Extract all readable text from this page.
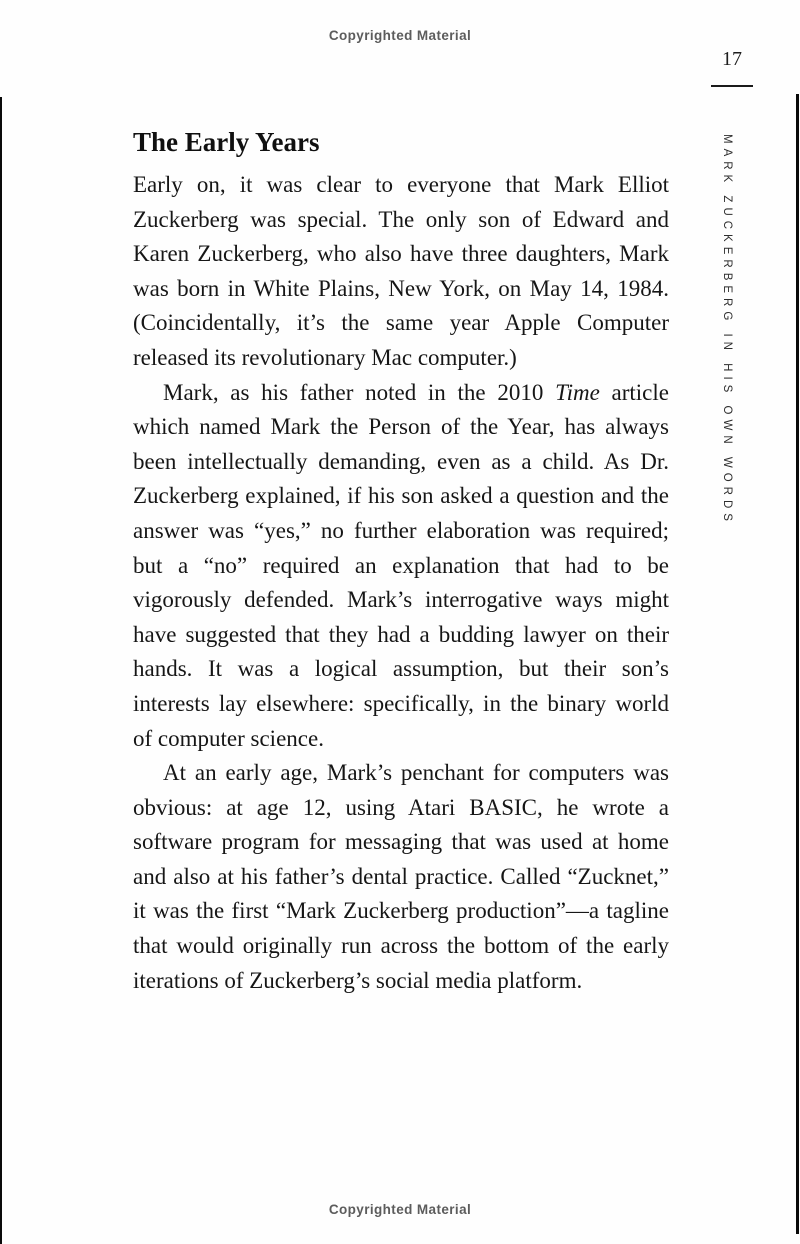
Copyrighted Material
17
MARK ZUCKERBERG IN HIS OWN WORDS
The Early Years

Early on, it was clear to everyone that Mark Elliot Zuckerberg was special. The only son of Edward and Karen Zuckerberg, who also have three daughters, Mark was born in White Plains, New York, on May 14, 1984. (Coincidentally, it’s the same year Apple Computer released its revolutionary Mac computer.)

Mark, as his father noted in the 2010 Time article which named Mark the Person of the Year, has always been intellectually demanding, even as a child. As Dr. Zuckerberg explained, if his son asked a question and the answer was “yes,” no further elaboration was required; but a “no” required an explanation that had to be vigorously defended. Mark’s interrogative ways might have suggested that they had a budding lawyer on their hands. It was a logical assumption, but their son’s interests lay elsewhere: specifically, in the binary world of computer science.

At an early age, Mark’s penchant for computers was obvious: at age 12, using Atari BASIC, he wrote a software program for messaging that was used at home and also at his father’s dental practice. Called “Zucknet,” it was the first “Mark Zuckerberg production”—a tagline that would originally run across the bottom of the early iterations of Zuckerberg’s social media platform.

Copyrighted Material
